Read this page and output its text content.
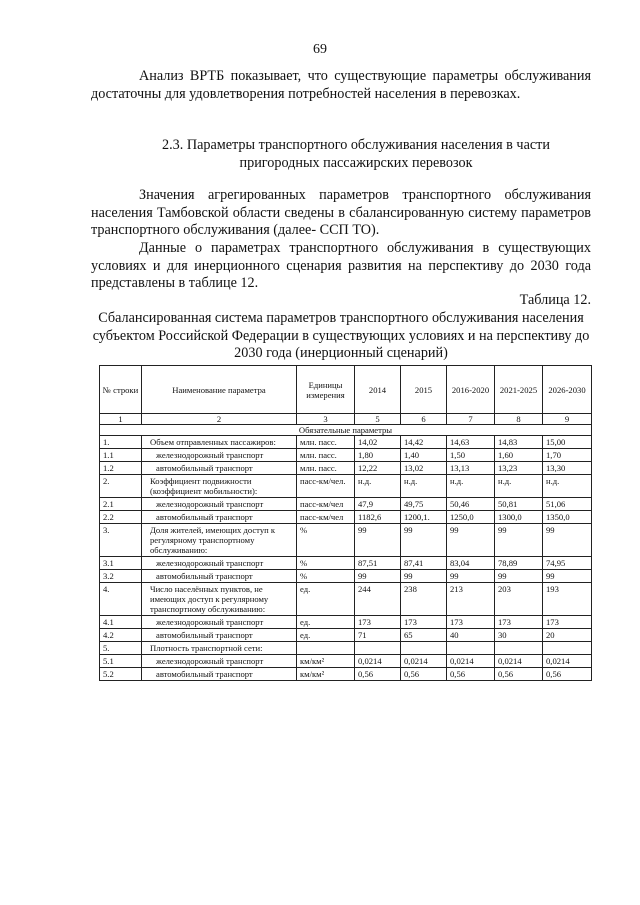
69
Анализ ВРТБ показывает, что существующие параметры обслуживания достаточны для удовлетворения потребностей населения в перевозках.
2.3. Параметры транспортного обслуживания населения в части пригородных пассажирских перевозок
Значения агрегированных параметров транспортного обслуживания населения Тамбовской области сведены в сбалансированную систему параметров транспортного обслуживания (далее- ССП ТО).
Данные о параметрах транспортного обслуживания в существующих условиях и для инерционного сценария развития на перспективу до 2030 года представлены в таблице 12.
Таблица 12.
Сбалансированная система параметров транспортного обслуживания населения субъектом Российской Федерации в существующих условиях и на перспективу до 2030 года (инерционный сценарий)
№ строки	Наименование параметра	Единицы измерения	2014	2015	2016-2020	2021-2025	2026-2030
1	2	3	5	6	7	8	9
Обязательные параметры							
1.	Объем отправленных пассажиров:	млн. пасс.	14,02	14,42	14,63	14,83	15,00
1.1	железнодорожный транспорт	млн. пасс.	1,80	1,40	1,50	1,60	1,70
1.2	автомобильный транспорт	млн. пасс.	12,22	13,02	13,13	13,23	13,30
2.	Коэффициент подвижности (коэффициент мобильности):	пасс-км/чел.	н.д.	н.д.	н.д.	н.д.	н.д.
2.1	железнодорожный транспорт	пасс-км/чел	47,9	49,75	50,46	50,81	51,06
2.2	автомобильный транспорт	пасс-км/чел	1182,6	1200,1.	1250,0	1300,0	1350,0
3.	Доля жителей, имеющих доступ к регулярному транспортному обслуживанию:	%	99	99	99	99	99
3.1	железнодорожный транспорт	%	87,51	87,41	83,04	78,89	74,95
3.2	автомобильный транспорт	%	99	99	99	99	99
4.	Число населённых пунктов, не имеющих доступ к регулярному транспортному обслуживанию:	ед.	244	238	213	203	193
4.1	железнодорожный транспорт	ед.	173	173	173	173	173
4.2	автомобильный транспорт	ед.	71	65	40	30	20
5.	Плотность транспортной сети:						
5.1	железнодорожный транспорт	км/км²	0,0214	0,0214	0,0214	0,0214	0,0214
5.2	автомобильный транспорт	км/км²	0,56	0,56	0,56	0,56	0,56
